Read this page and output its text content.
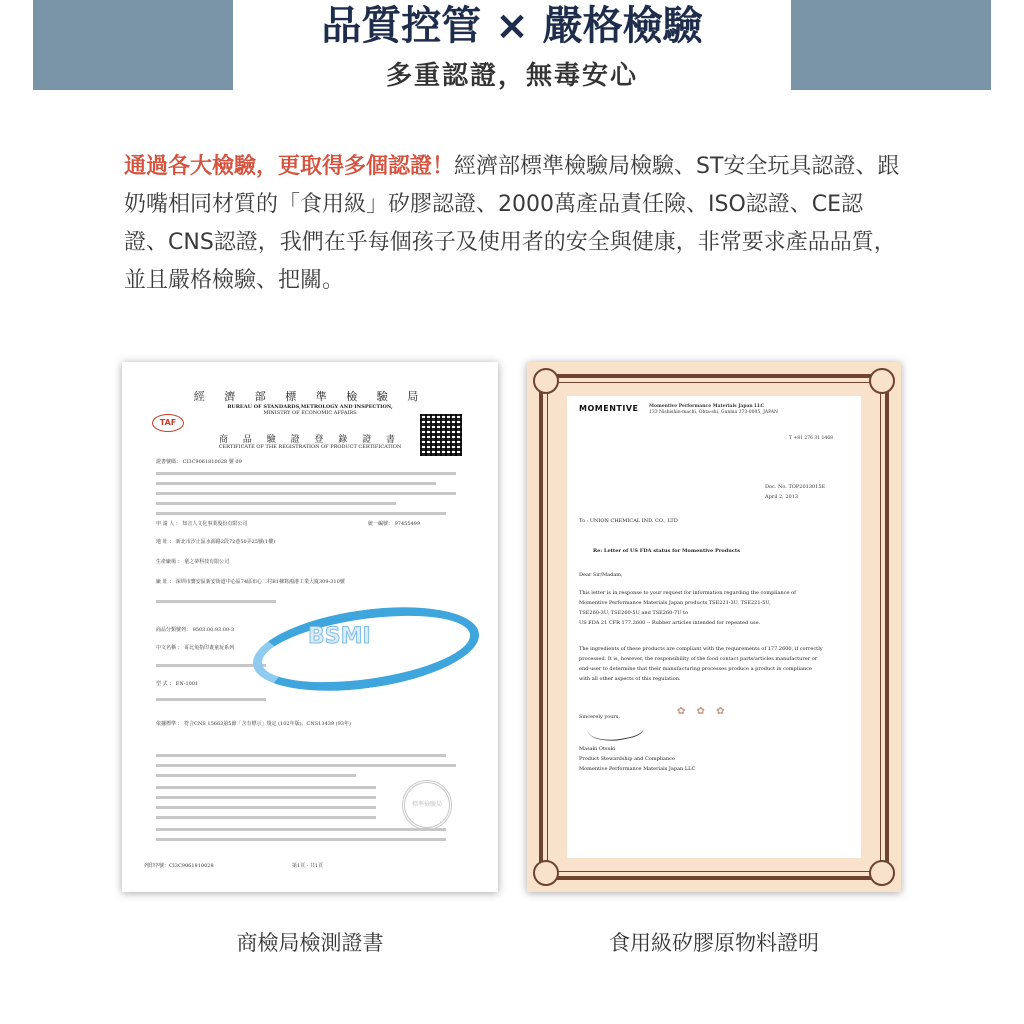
品質控管 × 嚴格檢驗
多重認證，無毒安心
通過各大檢驗，更取得多個認證！經濟部標準檢驗局檢驗、ST安全玩具認證、跟奶嘴相同材質的「食用級」矽膠認證、2000萬產品責任險、ISO認證、CE認證、CNS認證，我們在乎每個孩子及使用者的安全與健康，非常要求產品品質，並且嚴格檢驗、把關。
經 濟 部 標 準 檢 驗 局
BUREAU OF STANDARDS,METROLOGY AND INSPECTION,
MINISTRY OF ECONOMIC AFFAIRS
TAF
商 品 驗 證 登 錄 證 書
CERTIFICATE OF THE REGISTRATION OF PRODUCT CERTIFICATION
證書號碼： CI3C9061810028 號 09
申 請 人 ： 知音人文化事業股份有限公司	統一編號： 97455499
地 址 ： 新北市汐止區水源路2段72巷50弄25號(1樓)
生產廠場 ： 童之夢科技有限公司
廠 址 ： 深圳市寶安區新安街道中心區74區布心二村B1棟寫鴻港工業大廈309-310號
商品分類號列： 9503.00.93.00-3
中文名稱 ： 哥比兔指印畫童玩系列
型 式 ： EN-1001
依據標準 ： 符合CNS 15663第5節「含有標示」規定 (102年版)、CNS13439 (93年)
BSMI
標準檢驗局
列印序號：CI3C9061810028	第1頁 · 共1頁
MOMENTIVE Momentive Performance Materials Japan LLC
133 Nishishin-machi, Ohta-shi, Gunma 373-0005, JAPAN
T +81 276 31 1468
Doc. No. TOP2013015E
April 2, 2013
To : UNION CHEMICAL IND. CO., LTD
Re: Letter of US FDA status for Momentive Products
Dear Sir/Madam,
This letter is in response to your request for information regarding the compliance of
Momentive Performance Materials Japan products TSE221-3U, TSE221-5U,
TSE260-3U, TSE260-5U and TSE260-7U to
US FDA 21 CFR 177.2600 -- Rubber articles intended for repeated use.
The ingredients of these products are compliant with the requirements of 177.2600, if correctly
processed. It is, however, the responsibility of the food contact parts/articles manufacturer or
end-user to determine that their manufacturing processes produce a product in compliance
with all other aspects of this regulation.
Sincerely yours,	✿ ✿ ✿
Masaki Otsuki
Product Stewardship and Compliance
Momentive Performance Materials Japan LLC
商檢局檢測證書	食用級矽膠原物料證明
